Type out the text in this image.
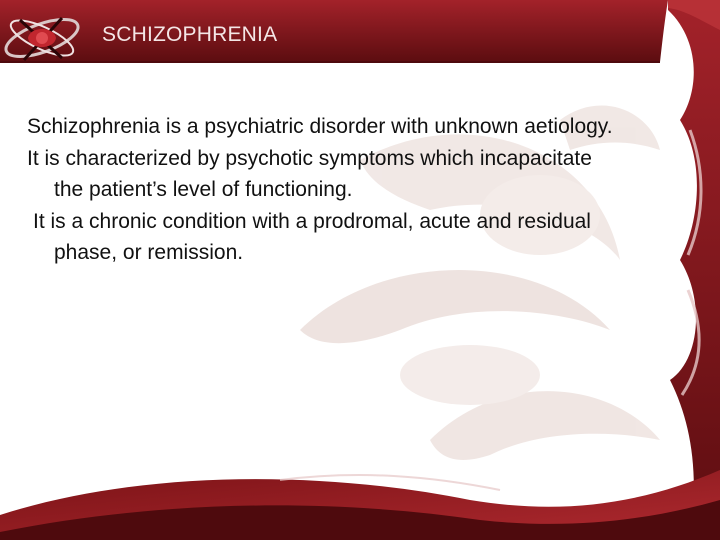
SCHIZOPHRENIA

Schizophrenia is a psychiatric disorder with unknown aetiology.

It is characterized by psychotic symptoms which incapacitate the patient’s level of functioning.

It is a chronic condition with a prodromal, acute and residual phase, or remission.
